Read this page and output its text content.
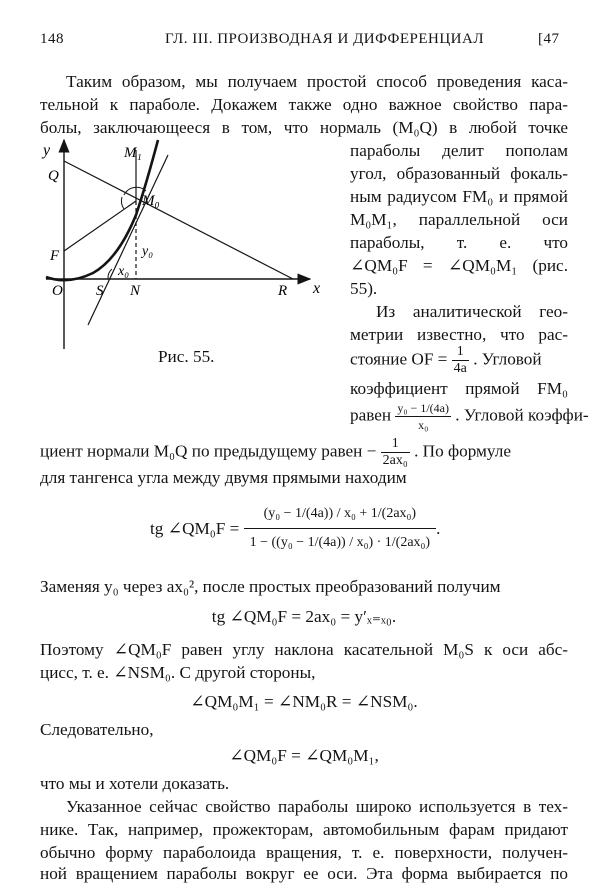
148	ГЛ. III. ПРОИЗВОДНАЯ И ДИФФЕРЕНЦИАЛ	[47
Таким образом, мы получаем простой способ проведения каса-
тельной к параболе. Докажем также одно важное свойство пара-
болы, заключающееся в том, что нормаль (M₀Q) в любой точке
y
x
M₁
M₀
Q
F
O S N	R
y₀
x₀
Рис. 55.
параболы делит пополам
угол, образованный фокаль-
ным радиусом FM₀ и прямой
M₀M₁, параллельной оси
параболы, т. е. что
∠QM₀F = ∠QM₀M₁ (рис.
55).
Из аналитической гео-
метрии известно, что рас-
стояние OF = $\frac{1}{4a}$ . Угловой
коэффициент прямой FM₀
равен $\frac{\text{y₀ − 1/(4a)}}{\text{x₀}}$ . Угловой коэффи-
циент нормали M₀Q по предыдущему равен − $\frac{1}{\text{2ax₀}}$ . По формуле
для тангенса угла между двумя прямыми находим
tg ∠QM₀F = $\frac{\text{(y₀ − 1/(4a)) / x₀ + 1/(2ax₀)}}{\text{1 − ((y₀ − 1/(4a)) / x₀) · 1/(2ax₀)}}$ .
Заменяя y₀ через ax₀², после простых преобразований получим
tg ∠QM₀F = 2ax₀ = y′ₓ₌ₓ₀.
Поэтому ∠QM₀F равен углу наклона касательной M₀S к оси абс-
цисс, т. е. ∠NSM₀. С другой стороны,
∠QM₀M₁ = ∠NM₀R = ∠NSM₀.
Следовательно,
∠QM₀F = ∠QM₀M₁,
что мы и хотели доказать.
Указанное сейчас свойство параболы широко используется в тех-
нике. Так, например, прожекторам, автомобильным фарам придают
обычно форму параболоида вращения, т. е. поверхности, получен-
ной вращением параболы вокруг ее оси. Эта форма выбирается по
